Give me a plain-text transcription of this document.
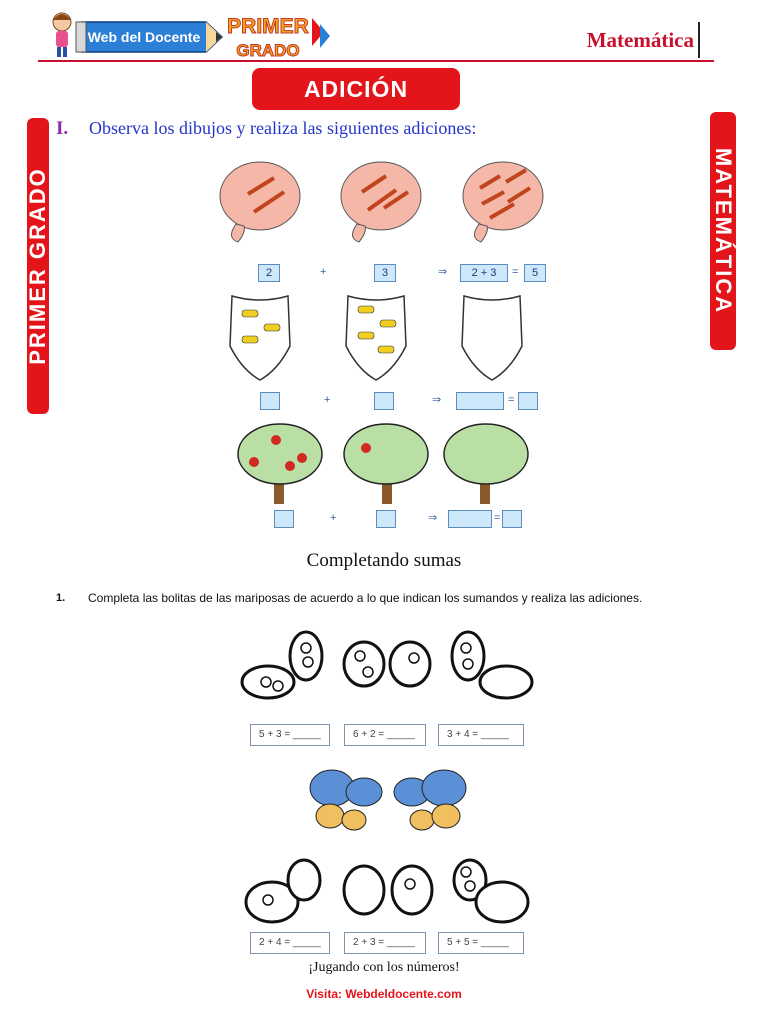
Web del Docente PRIMER
GRADO	Matemática
ADICIÓN
PRIMER GRADO	MATEMÁTICA
I. Observa los dibujos y realiza las siguientes adiciones:
2	+	3	⇒	2 + 3	=	5
+	⇒	=
+	⇒	=
Completando sumas
1. Completa las bolitas de las mariposas de acuerdo a lo que indican los sumandos y realiza las adiciones.
5 + 3 = _____	6 + 2 = _____	3 + 4 = _____
2 + 4 = _____	2 + 3 = _____	5 + 5 = _____
¡Jugando con los números!
Visita: Webdeldocente.com
